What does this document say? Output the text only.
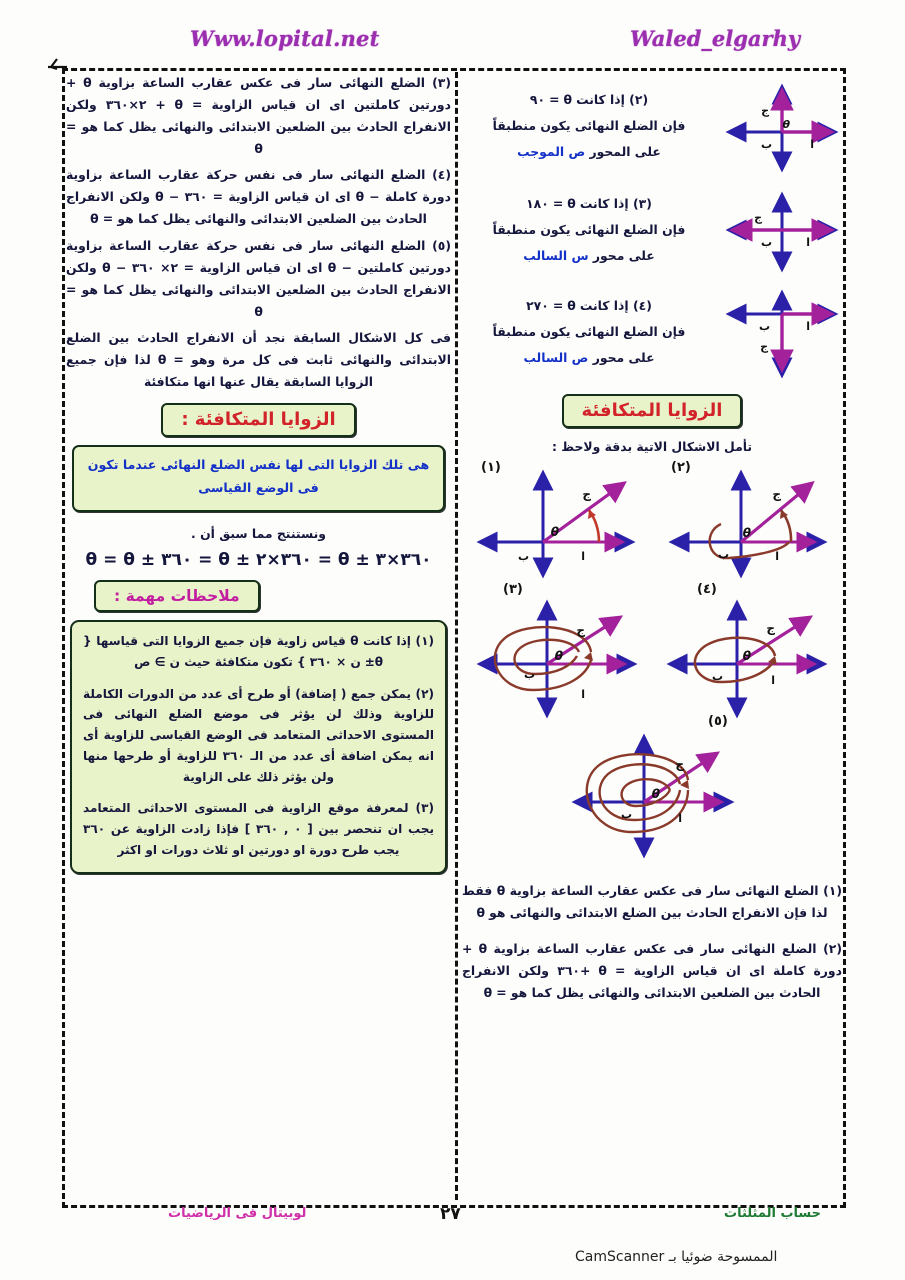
Www.lopital.net	Waled_elgarhy

(٣) الضلع النهائى سار فى عكس عقارب الساعة بزاوية θ + دورتين كاملتين اى ان قياس الزاوية = θ + ٢×٣٦٠ ولكن الانفراج الحادث بين الضلعين الابتدائى والنهائى يظل كما هو = θ

(٤) الضلع النهائى سار فى نفس حركة عقارب الساعة بزاوية دورة كاملة − θ اى ان قياس الزاوية = ٣٦٠ − θ ولكن الانفراج الحادث بين الضلعين الابتدائى والنهائى يظل كما هو = θ

(٥) الضلع النهائى سار فى نفس حركة عقارب الساعة بزاوية دورتين كاملتين − θ اى ان قياس الزاوية = ٢× ٣٦٠ − θ ولكن الانفراج الحادث بين الضلعين الابتدائى والنهائى يظل كما هو = θ

فى كل الاشكال السابقة نجد أن الانفراج الحادث بين الضلع الابتدائى والنهائى ثابت فى كل مرة وهو = θ لذا فإن جميع الزوايا السابقة يقال عنها انها متكافئة

الزوايا المتكافئة :

هى تلك الزوايا التى لها نفس الضلع النهائى عندما تكون فى الوضع القياسى

ونستنتج مما سبق أن .

θ = θ ± ٣٦٠ = θ ± ٣٦٠×٢ = θ ± ٣٦٠×٣
ملاحظات مهمة :

(١) إذا كانت θ قياس زاوية فإن جميع الزوايا التى قياسها { θ± ن × ٣٦٠ } تكون متكافئة حيث ن ∋ ص

(٢) يمكن جمع ( إضافة) أو طرح أى عدد من الدورات الكاملة للزاوية وذلك لن يؤثر فى موضع الضلع النهائى فى المستوى الاحداثى المتعامد فى الوضع القياسى للزاوية أى انه يمكن اضافة أى عدد من الـ ٣٦٠ للزاوية أو طرحها منها ولن يؤثر ذلك على الزاوية

(٣) لمعرفة موقع الزاوية فى المستوى الاحداثى المتعامد يجب ان تنحصر بين [ ٠ , ٣٦٠ ] فإذا زادت الزاوية عن ٣٦٠ يجب طرح دورة او دورتين او ثلاث دورات او اكثر

ج
ب	ا
θ

(٢) إذا كانت θ = ٩٠

فإن الضلع النهائى يكون منطبقاً

على المحور ص الموجب

ج
ب	ا

(٣) إذا كانت θ = ١٨٠

فإن الضلع النهائى يكون منطبقاً

على محور س السالب

ج
ب	ا

(٤) إذا كانت θ = ٢٧٠

فإن الضلع النهائى يكون منطبقاً

على محور ص السالب

الزوايا المتكافئة

تأمل الاشكال الاتية بدقة ولاحظ :

ج
ب	ا
θ
(٢)
ج
ب	ا
θ
(١)
ج
ب	ا
θ
(٤)
ج
ب
ا
θ
(٣)
ج
ب	ا
θ
(٥)

(١) الضلع النهائى سار فى عكس عقارب الساعة بزاوية θ فقط لذا فإن الانفراج الحادث بين الضلع الابتدائى والنهائى هو θ

(٢) الضلع النهائى سار فى عكس عقارب الساعة بزاوية θ + دورة كاملة اى ان قياس الزاوية = θ +٣٦٠ ولكن الانفراج الحادث بين الضلعين الابتدائى والنهائى يظل كما هو = θ

لوبيتال فى الرياضيات	٢٧	حساب المثلثات
الممسوحة ضوئيا بـ CamScanner
